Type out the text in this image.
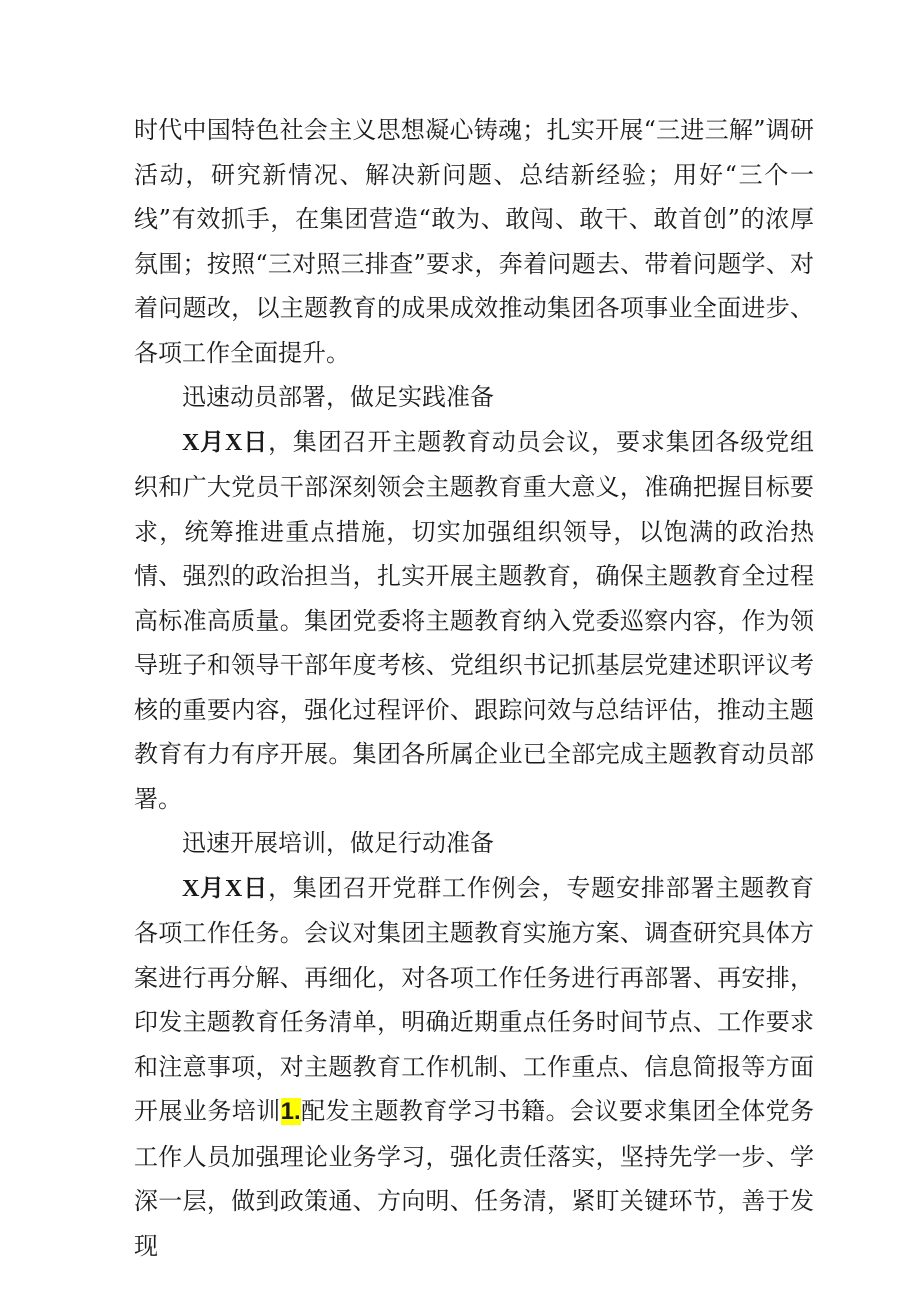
时代中国特色社会主义思想凝心铸魂；扎实开展“三进三解”调研活动，研究新情况、解决新问题、总结新经验；用好“三个一线”有效抓手，在集团营造“敢为、敢闯、敢干、敢首创”的浓厚氛围；按照“三对照三排查”要求，奔着问题去、带着问题学、对着问题改，以主题教育的成果成效推动集团各项事业全面进步、各项工作全面提升。

迅速动员部署，做足实践准备

X月X日，集团召开主题教育动员会议，要求集团各级党组织和广大党员干部深刻领会主题教育重大意义，准确把握目标要求，统筹推进重点措施，切实加强组织领导，以饱满的政治热情、强烈的政治担当，扎实开展主题教育，确保主题教育全过程高标准高质量。集团党委将主题教育纳入党委巡察内容，作为领导班子和领导干部年度考核、党组织书记抓基层党建述职评议考核的重要内容，强化过程评价、跟踪问效与总结评估，推动主题教育有力有序开展。集团各所属企业已全部完成主题教育动员部署。

迅速开展培训，做足行动准备

X月X日，集团召开党群工作例会，专题安排部署主题教育各项工作任务。会议对集团主题教育实施方案、调查研究具体方案进行再分解、再细化，对各项工作任务进行再部署、再安排，印发主题教育任务清单，明确近期重点任务时间节点、工作要求和注意事项，对主题教育工作机制、工作重点、信息简报等方面开展业务培训1.配发主题教育学习书籍。会议要求集团全体党务工作人员加强理论业务学习，强化责任落实，坚持先学一步、学深一层，做到政策通、方向明、任务清，紧盯关键环节，善于发现
